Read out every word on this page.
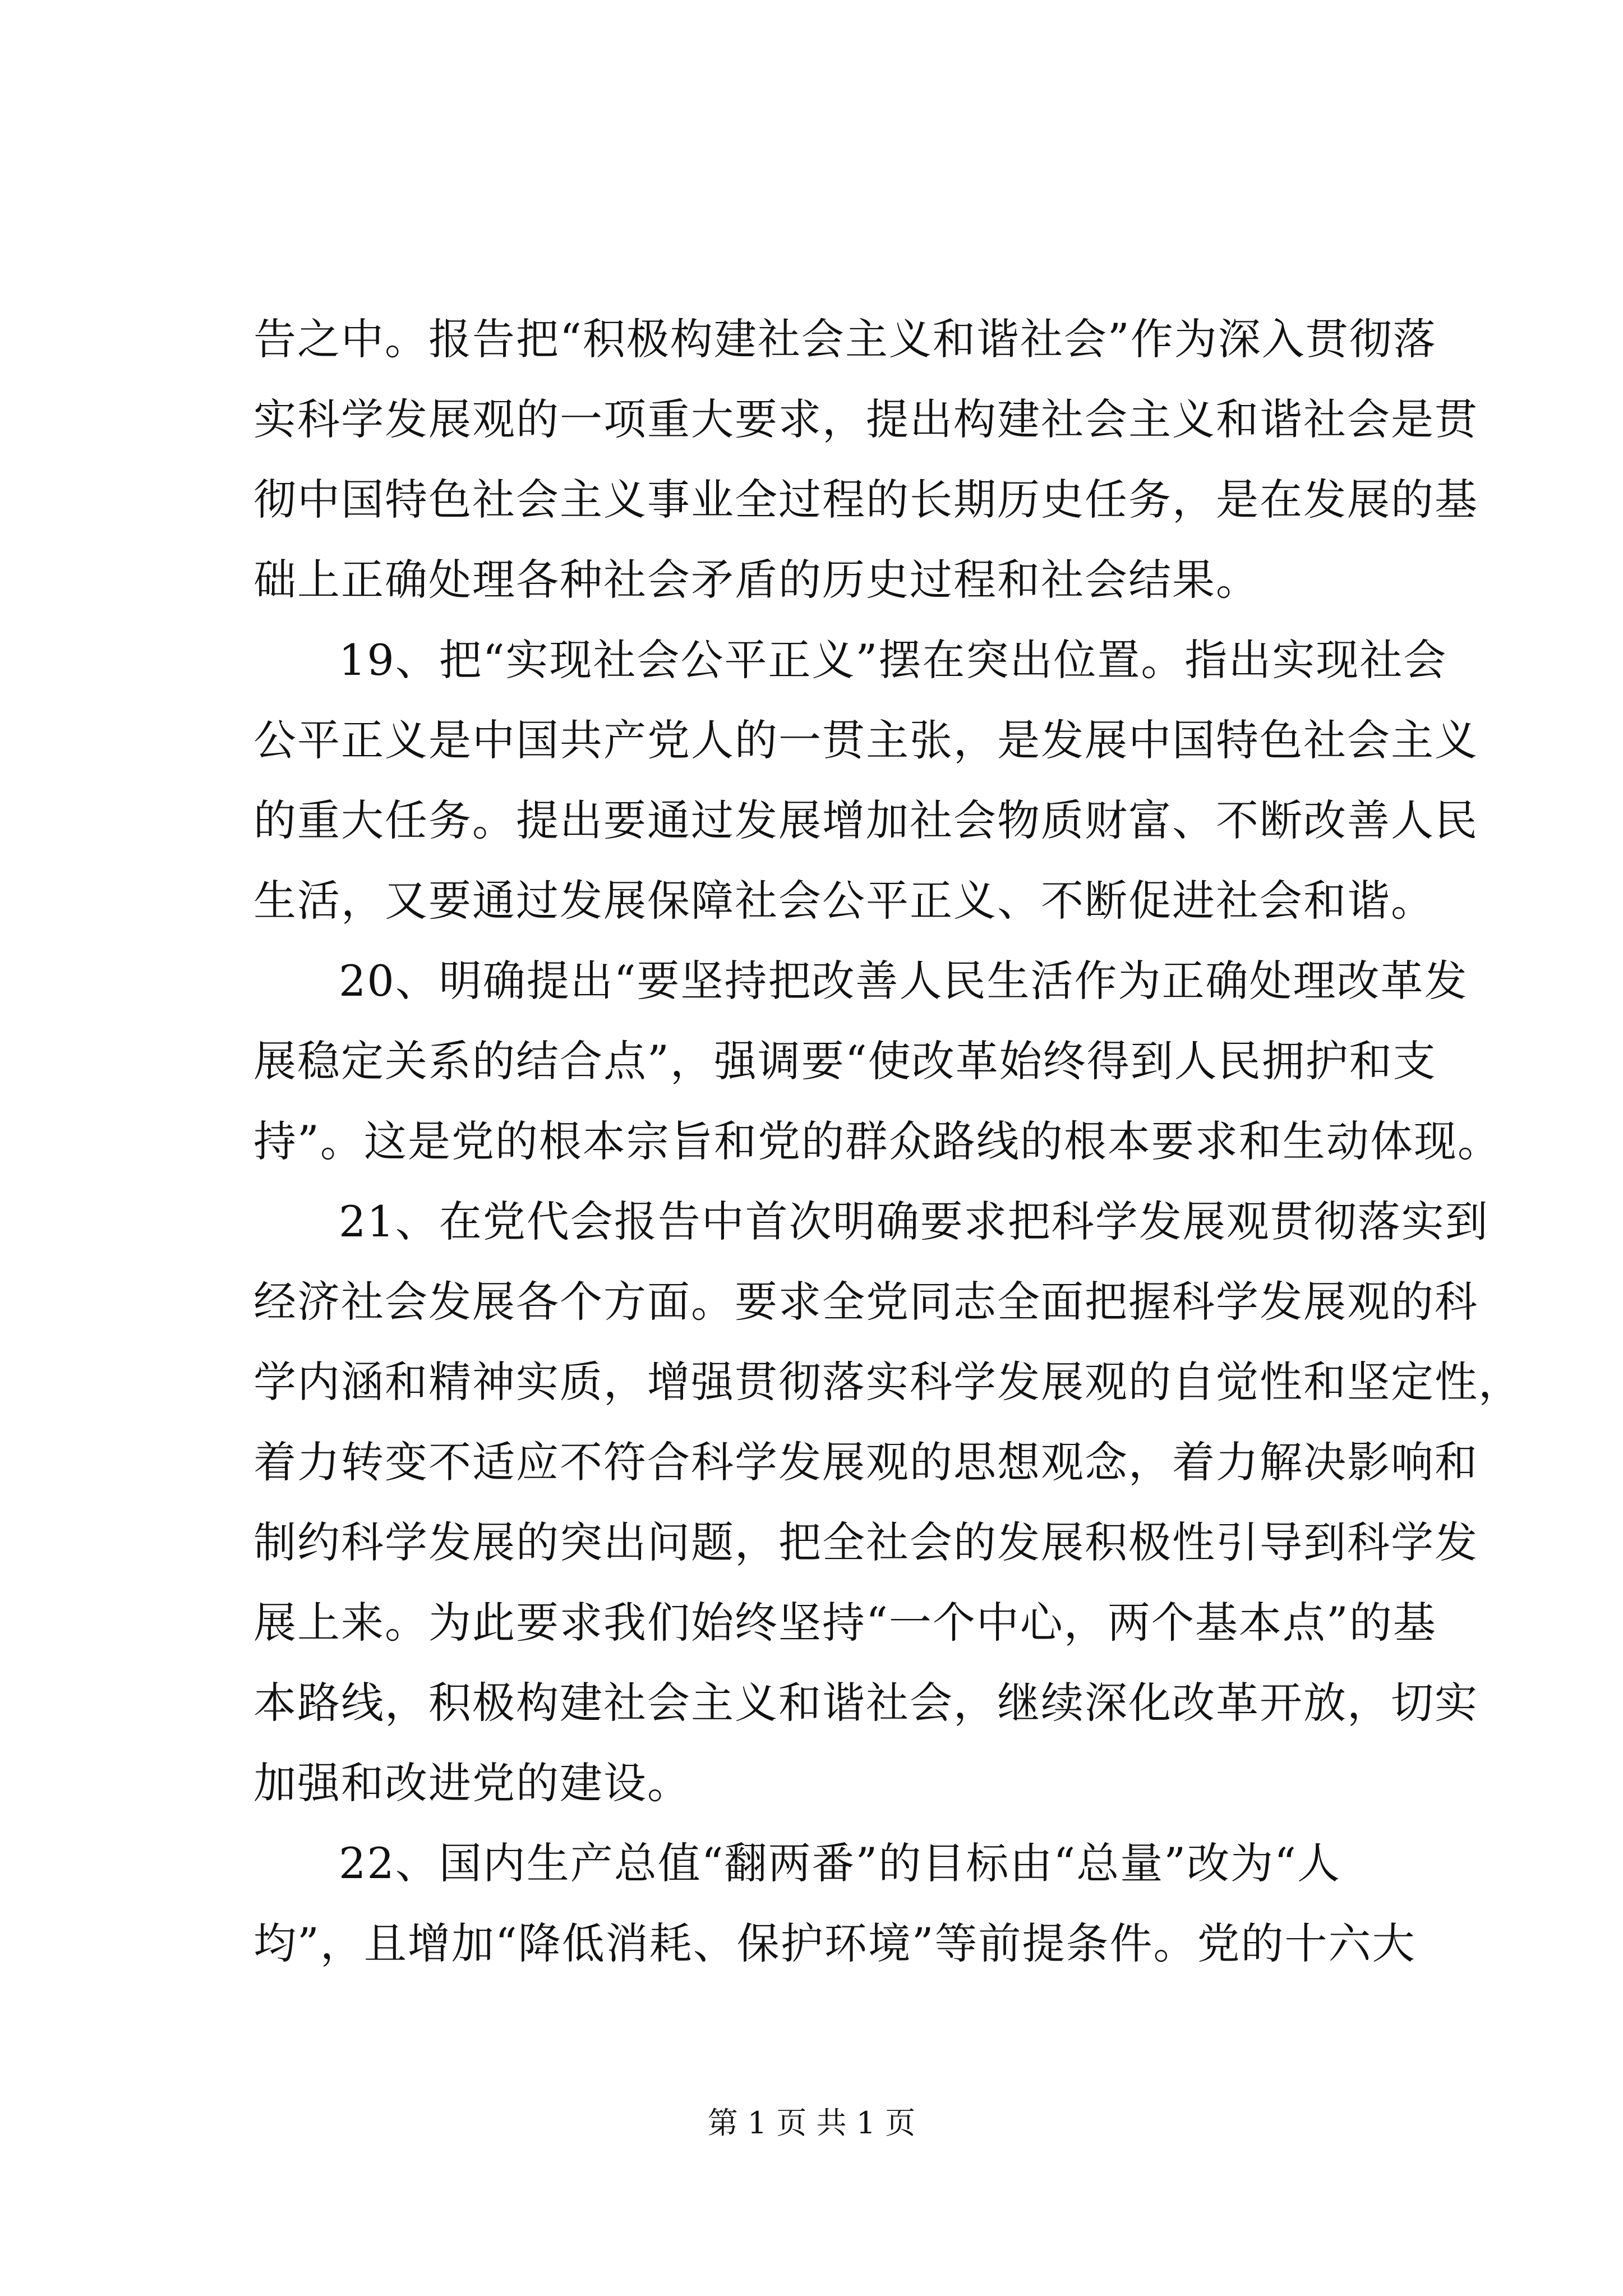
告之中。报告把“积极构建社会主义和谐社会”作为深入贯彻落
实科学发展观的一项重大要求，提出构建社会主义和谐社会是贯
彻中国特色社会主义事业全过程的长期历史任务，是在发展的基
础上正确处理各种社会矛盾的历史过程和社会结果。
19、把“实现社会公平正义”摆在突出位置。指出实现社会
公平正义是中国共产党人的一贯主张，是发展中国特色社会主义
的重大任务。提出要通过发展增加社会物质财富、不断改善人民
生活，又要通过发展保障社会公平正义、不断促进社会和谐。
20、明确提出“要坚持把改善人民生活作为正确处理改革发
展稳定关系的结合点”，强调要“使改革始终得到人民拥护和支
持”。这是党的根本宗旨和党的群众路线的根本要求和生动体现。
21、在党代会报告中首次明确要求把科学发展观贯彻落实到
经济社会发展各个方面。要求全党同志全面把握科学发展观的科
学内涵和精神实质，增强贯彻落实科学发展观的自觉性和坚定性，
着力转变不适应不符合科学发展观的思想观念，着力解决影响和
制约科学发展的突出问题，把全社会的发展积极性引导到科学发
展上来。为此要求我们始终坚持“一个中心，两个基本点”的基
本路线，积极构建社会主义和谐社会，继续深化改革开放，切实
加强和改进党的建设。
22、国内生产总值“翻两番”的目标由“总量”改为“人
均”，且增加“降低消耗、保护环境”等前提条件。党的十六大
第 1 页 共 1 页
